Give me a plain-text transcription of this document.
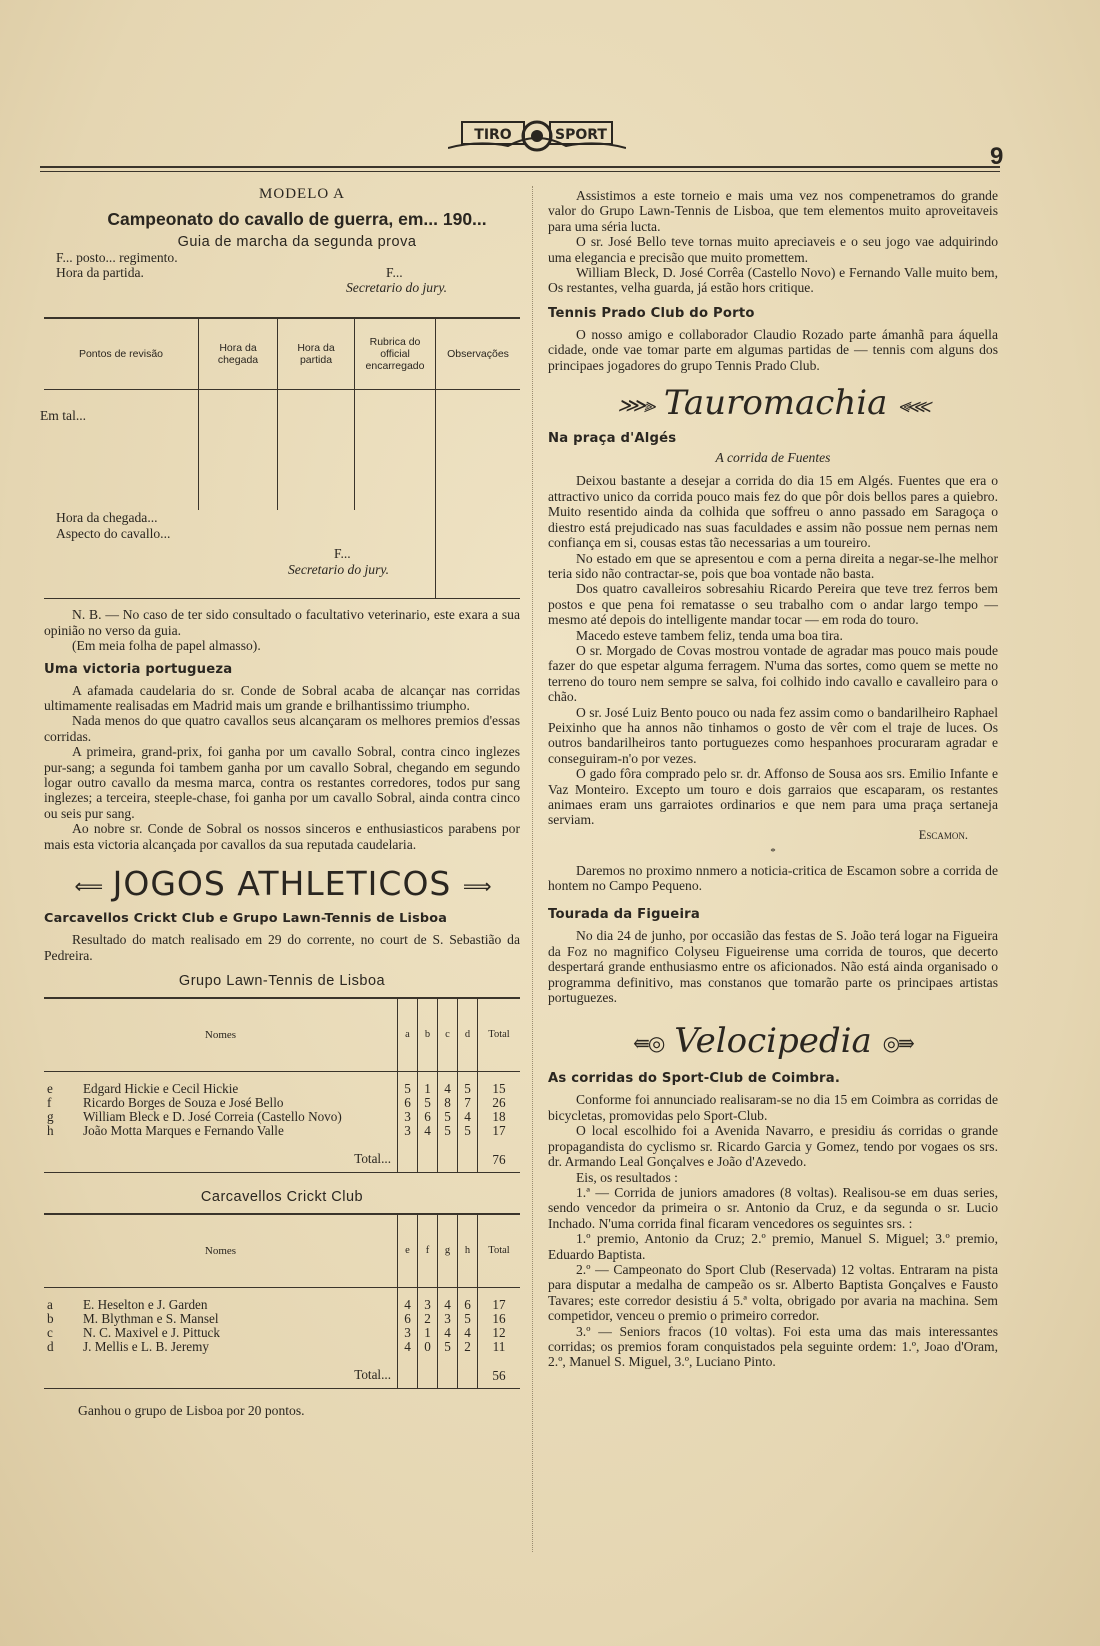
TIRO	SPORT
9
MODELO A
Campeonato do cavallo de guerra, em... 190...
Guia de marcha da segunda prova

F... posto... regimento.

Hora da partida.	F...
Secretario do jury.
Pontos de revisão	Hora da chegada	Hora da partida	Rubrica do official encarregado	Observações

Em tal...				

Hora da chegada...
Aspecto do cavallo...
F...
Secretario do jury.				

N. B. — No caso de ter sido consultado o facultativo veterinario, este exara a sua opinião no verso da guia.

(Em meia folha de papel almasso).

Uma victoria portugueza

A afamada caudelaria do sr. Conde de Sobral acaba de alcançar nas corridas ultimamente realisadas em Madrid mais um grande e brilhantissimo triumpho.

Nada menos do que quatro cavallos seus alcançaram os melhores premios d'essas corridas.

A primeira, grand-prix, foi ganha por um cavallo Sobral, contra cinco inglezes pur-sang; a segunda foi tambem ganha por um cavallo Sobral, chegando em segundo logar outro cavallo da mesma marca, contra os restantes corredores, todos pur sang inglezes; a terceira, steeple-chase, foi ganha por um cavallo Sobral, ainda contra cinco ou seis pur sang.

Ao nobre sr. Conde de Sobral os nossos sinceros e enthusiasticos parabens por mais esta victoria alcançada por cavallos da sua reputada caudelaria.

⟸ JOGOS ATHLETICOS ⟹
Carcavellos Crickt Club e Grupo Lawn-Tennis de Lisboa

Resultado do match realisado em 29 do corrente, no court de S. Sebastião da Pedreira.

Grupo Lawn-Tennis de Lisboa
Nomes		a	b	c	d	Total
e	Edgard Hickie e Cecil Hickie	5	1	4	5	15
f	Ricardo Borges de Souza e José Bello	6	5	8	7	26
g	William Bleck e D. José Correia (Castello Novo)	3	6	5	4	18
h	João Motta Marques e Fernando Valle	3	4	5	5	17
	Total...					76
Carcavellos Crickt Club
Nomes		e	f	g	h	Total
a	E. Heselton e J. Garden	4	3	4	6	17
b	M. Blythman e S. Mansel	6	2	3	5	16
c	N. C. Maxivel e J. Pittuck	3	1	4	4	12
d	J. Mellis e L. B. Jeremy	4	0	5	2	11
	Total...					56

Ganhou o grupo de Lisboa por 20 pontos.

Assistimos a este torneio e mais uma vez nos compenetramos do grande valor do Grupo Lawn-Tennis de Lisboa, que tem elementos muito aproveitaveis para uma séria lucta.

O sr. José Bello teve tornas muito apreciaveis e o seu jogo vae adquirindo uma elegancia e precisão que muito promettem.

William Bleck, D. José Corrêa (Castello Novo) e Fernando Valle muito bem, Os restantes, velha guarda, já estão hors critique.

Tennis Prado Club do Porto

O nosso amigo e collaborador Claudio Rozado parte ámanhã para áquella cidade, onde vae tomar parte em algumas partidas de — tennis com alguns dos principaes jogadores do grupo Tennis Prado Club.

⋙⫸ Tauromachia ⫷⋘
Na praça d'Algés

A corrida de Fuentes

Deixou bastante a desejar a corrida do dia 15 em Algés. Fuentes que era o attractivo unico da corrida pouco mais fez do que pôr dois bellos pares a quiebro. Muito resentido ainda da colhida que soffreu o anno passado em Saragoça o diestro está prejudicado nas suas faculdades e assim não possue nem pernas nem confiança em si, cousas estas tão necessarias a um toureiro.

No estado em que se apresentou e com a perna direita a negar-se-lhe melhor teria sido não contractar-se, pois que boa vontade não basta.

Dos quatro cavalleiros sobresahiu Ricardo Pereira que teve trez ferros bem postos e que pena foi rematasse o seu trabalho com o andar largo tempo — mesmo até depois do intelligente mandar tocar — em roda do touro.

Macedo esteve tambem feliz, tenda uma boa tira.

O sr. Morgado de Covas mostrou vontade de agradar mas pouco mais poude fazer do que espetar alguma ferragem. N'uma das sortes, como quem se mette no terreno do touro nem sempre se salva, foi colhido indo cavallo e cavalleiro para o chão.

O sr. José Luiz Bento pouco ou nada fez assim como o bandarilheiro Raphael Peixinho que ha annos não tinhamos o gosto de vêr com el traje de luces. Os outros bandarilheiros tanto portuguezes como hespanhoes procuraram agradar e conseguiram-n'o por vezes.

O gado fôra comprado pelo sr. dr. Affonso de Sousa aos srs. Emilio Infante e Vaz Monteiro. Excepto um touro e dois garraios que escaparam, os restantes animaes eram uns garraiotes ordinarios e que nem para uma praça sertaneja serviam.

Escamon.

*

Daremos no proximo nnmero a noticia-critica de Escamon sobre a corrida de hontem no Campo Pequeno.

Tourada da Figueira

No dia 24 de junho, por occasião das festas de S. João terá logar na Figueira da Foz no magnifico Colyseu Figueirense uma corrida de touros, que decerto despertará grande enthusiasmo entre os aficionados. Não está ainda organisado o programma definitivo, mas constanos que tomarão parte os principaes artistas portuguezes.

⇚◎ Velocipedia ◎⇛
As corridas do Sport-Club de Coimbra.

Conforme foi annunciado realisaram-se no dia 15 em Coimbra as corridas de bicycletas, promovidas pelo Sport-Club.

O local escolhido foi a Avenida Navarro, e presidiu ás corridas o grande propagandista do cyclismo sr. Ricardo Garcia y Gomez, tendo por vogaes os srs. dr. Armando Leal Gonçalves e João d'Azevedo.

Eis, os resultados :

1.ª — Corrida de juniors amadores (8 voltas). Realisou-se em duas series, sendo vencedor da primeira o sr. Antonio da Cruz, e da segunda o sr. Lucio Inchado. N'uma corrida final ficaram vencedores os seguintes srs. :

1.º premio, Antonio da Cruz; 2.º premio, Manuel S. Miguel; 3.º premio, Eduardo Baptista.

2.º — Campeonato do Sport Club (Reservada) 12 voltas. Entraram na pista para disputar a medalha de campeão os sr. Alberto Baptista Gonçalves e Fausto Tavares; este corredor desistiu á 5.ª volta, obrigado por avaria na machina. Sem competidor, venceu o premio o primeiro corredor.

3.º — Seniors fracos (10 voltas). Foi esta uma das mais interessantes corridas; os premios foram conquistados pela seguinte ordem: 1.º, Joao d'Oram, 2.º, Manuel S. Miguel, 3.º, Luciano Pinto.
